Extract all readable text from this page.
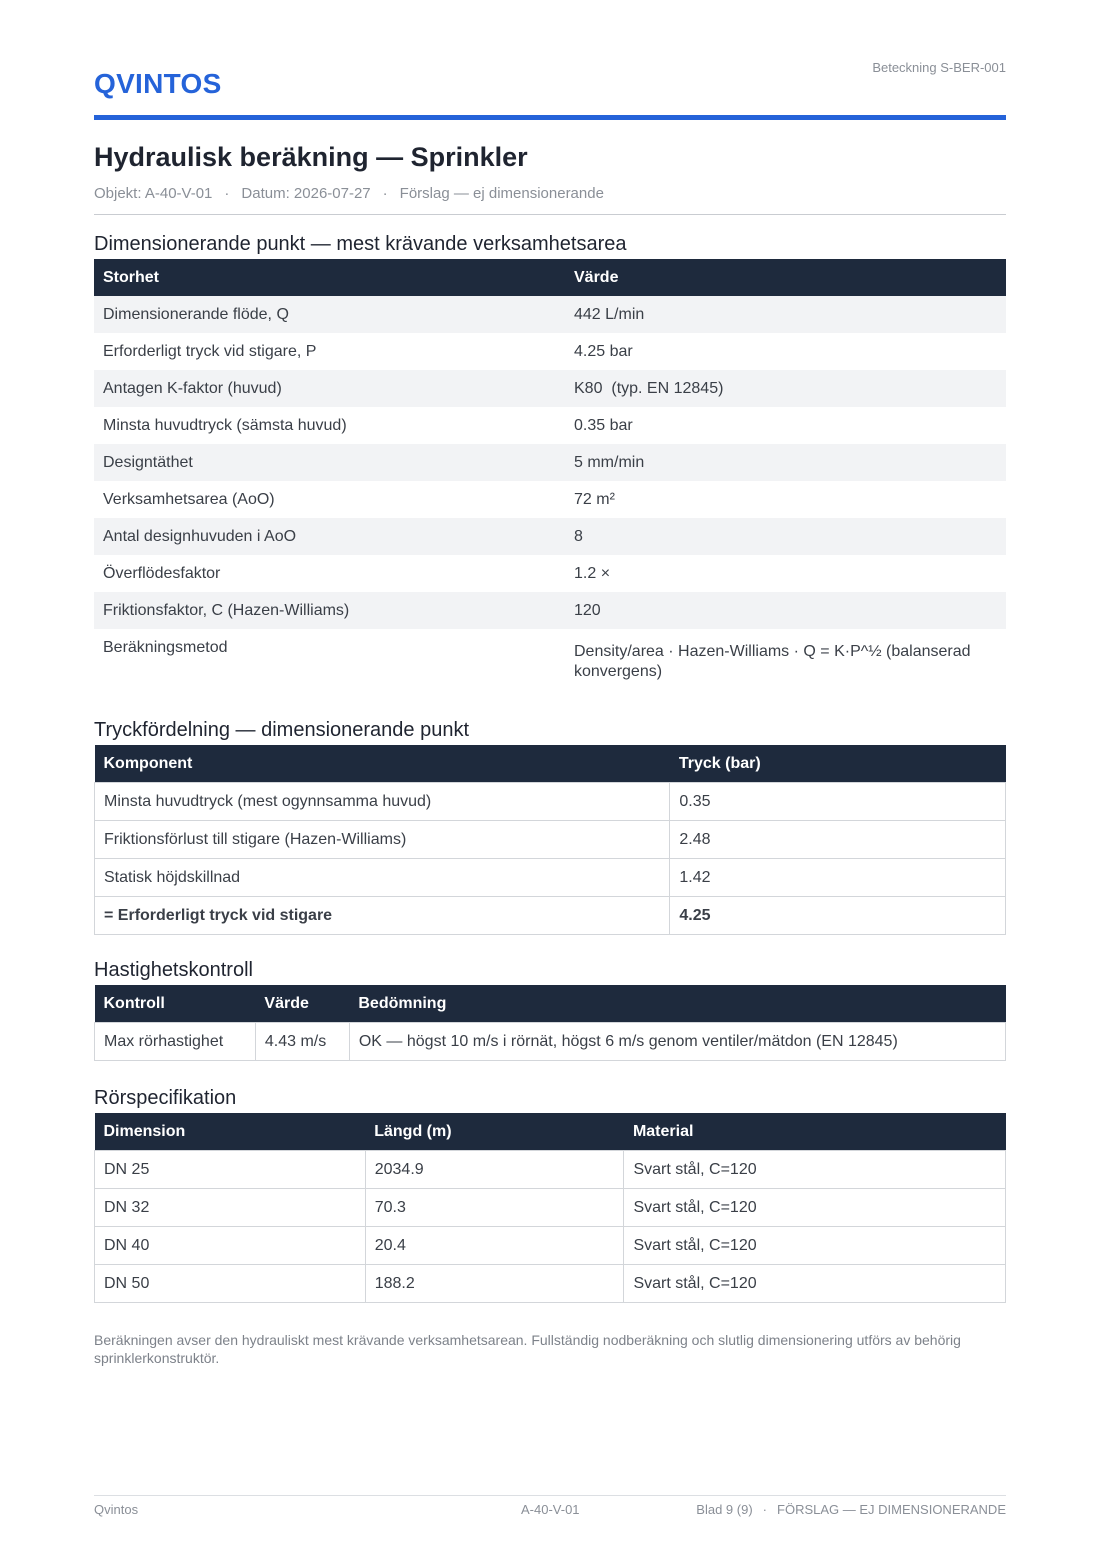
QVINTOS
Beteckning S-BER-001
Hydraulisk beräkning — Sprinkler
Objekt: A-40-V-01 · Datum: 2026-07-27 · Förslag — ej dimensionerande
Dimensionerande punkt — mest krävande verksamhetsarea
Storhet	Värde
Dimensionerande flöde, Q	442 L/min
Erforderligt tryck vid stigare, P	4.25 bar
Antagen K-faktor (huvud)	K80  (typ. EN 12845)
Minsta huvudtryck (sämsta huvud)	0.35 bar
Designtäthet	5 mm/min
Verksamhetsarea (AoO)	72 m²
Antal designhuvuden i AoO	8
Överflödesfaktor	1.2 ×
Friktionsfaktor, C (Hazen-Williams)	120
Beräkningsmetod	Density/area · Hazen-Williams · Q = K·P^½ (balanserad konvergens)
Tryckfördelning — dimensionerande punkt
Komponent	Tryck (bar)
Minsta huvudtryck (mest ogynnsamma huvud)	0.35
Friktionsförlust till stigare (Hazen-Williams)	2.48
Statisk höjdskillnad	1.42
= Erforderligt tryck vid stigare	4.25
Hastighetskontroll
Kontroll	Värde	Bedömning
Max rörhastighet	4.43 m/s	OK — högst 10 m/s i rörnät, högst 6 m/s genom ventiler/mätdon (EN 12845)
Rörspecifikation
Dimension	Längd (m)	Material
DN 25	2034.9	Svart stål, C=120
DN 32	70.3	Svart stål, C=120
DN 40	20.4	Svart stål, C=120
DN 50	188.2	Svart stål, C=120
Beräkningen avser den hydrauliskt mest krävande verksamhetsarean. Fullständig nodberäkning och slutlig dimensionering utförs av behörig sprinklerkonstruktör.
Qvintos	A-40-V-01	Blad 9 (9) · FÖRSLAG — EJ DIMENSIONERANDE
